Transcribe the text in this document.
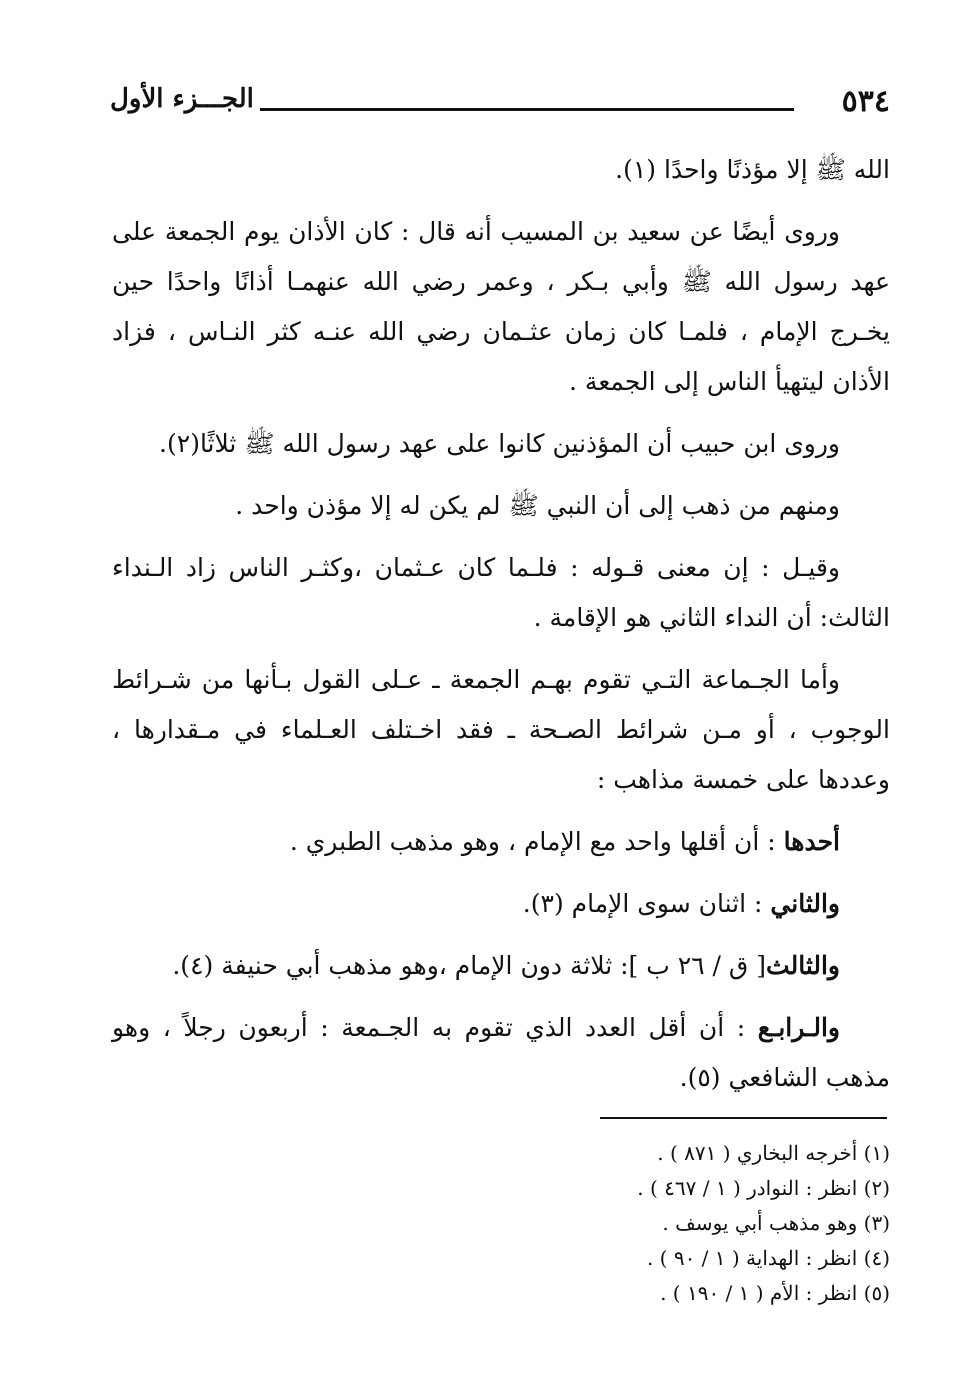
٥٣٤
الجـــزء الأول

الله ﷺ إلا مؤذنًا واحدًا (١).

وروى أيضًا عن سعيد بن المسيب أنه قال : كان الأذان يوم الجمعة على عهد رسول الله ﷺ وأبي بـكر ، وعمر رضي الله عنهمـا أذانًا واحدًا حين يخـرج الإمام ، فلمـا كان زمان عثـمان رضي الله عنـه كثر النـاس ، فزاد الأذان ليتهيأ الناس إلى الجمعة .

وروى ابن حبيب أن المؤذنين كانوا على عهد رسول الله ﷺ ثلاثًا(٢).

ومنهم من ذهب إلى أن النبي ﷺ لم يكن له إلا مؤذن واحد .

وقيـل : إن معنى قـوله : فلـما كان عـثمان ،وكثـر الناس زاد الـنداء الثالث: أن النداء الثاني هو الإقامة .

وأما الجـماعة التـي تقوم بهـم الجمعة ـ عـلى القول بـأنها من شـرائط الوجوب ، أو مـن شرائط الصـحة ـ فقد اخـتلف العـلماء في مـقدارها ، وعددها على خمسة مذاهب :

أحدها : أن أقلها واحد مع الإمام ، وهو مذهب الطبري .

والثاني : اثنان سوى الإمام (٣).

والثالث[ ق / ٢٦ ب ]: ثلاثة دون الإمام ،وهو مذهب أبي حنيفة (٤).

والـرابـع : أن أقل العدد الذي تقوم به الجـمعة : أربعون رجلاً ، وهو مذهب الشافعي (٥).

(١) أخرجه البخاري ( ٨٧١ ) .
(٢) انظر : النوادر ( ١ / ٤٦٧ ) .
(٣) وهو مذهب أبي يوسف .
(٤) انظر : الهداية ( ١ / ٩٠ ) .
(٥) انظر : الأم ( ١ / ١٩٠ ) .
